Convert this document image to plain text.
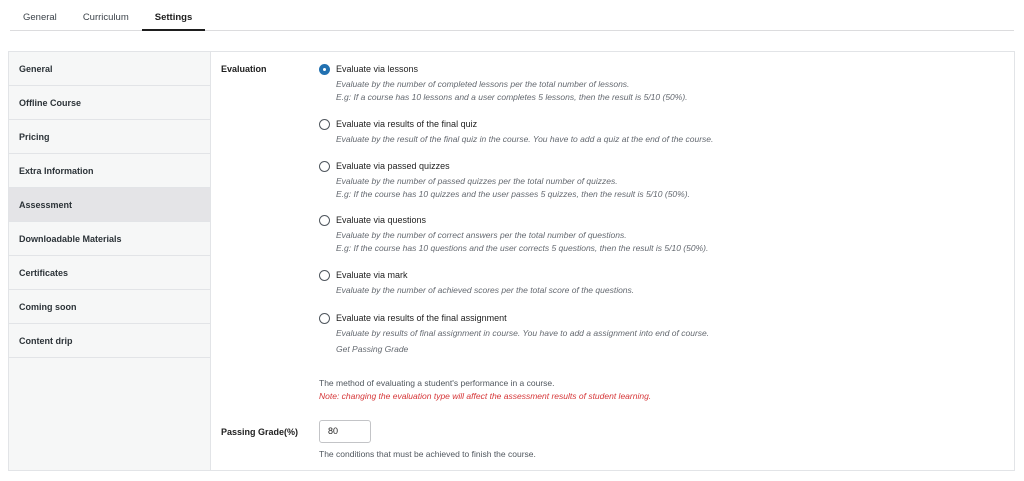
General	Curriculum	Settings
General
Offline Course
Pricing
Extra Information
Assessment
Downloadable Materials
Certificates
Coming soon
Content drip
Evaluation	Evaluate via lessons
Evaluate by the number of completed lessons per the total number of lessons.
E.g: If a course has 10 lessons and a user completes 5 lessons, then the result is 5/10 (50%).
Evaluate via results of the final quiz
Evaluate by the result of the final quiz in the course. You have to add a quiz at the end of the course.
Evaluate via passed quizzes
Evaluate by the number of passed quizzes per the total number of quizzes.
E.g: If the course has 10 quizzes and the user passes 5 quizzes, then the result is 5/10 (50%).
Evaluate via questions
Evaluate by the number of correct answers per the total number of questions.
E.g: If the course has 10 questions and the user corrects 5 questions, then the result is 5/10 (50%).
Evaluate via mark
Evaluate by the number of achieved scores per the total score of the questions.
Evaluate via results of the final assignment
Evaluate by results of final assignment in course. You have to add a assignment into end of course.
Get Passing Grade
The method of evaluating a student's performance in a course.
Note: changing the evaluation type will affect the assessment results of student learning.
Passing Grade(%)	80
The conditions that must be achieved to finish the course.
